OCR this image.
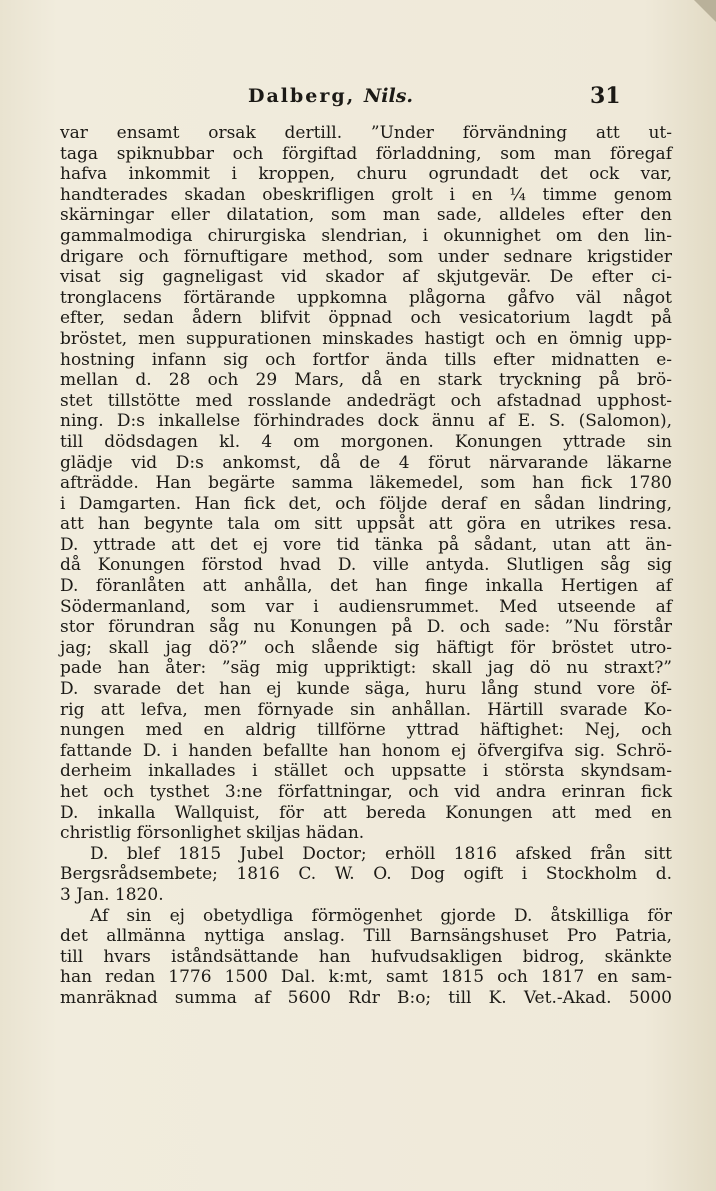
Dalberg, Nils.	31
var ensamt orsak dertill. ”Under förvändning att ut-
taga spiknubbar och förgiftad förladdning, som man föregaf
hafva inkommit i kroppen, churu ogrundadt det ock var,
handterades skadan obeskrifligen grolt i en ¼ timme genom
skärningar eller dilatation, som man sade, alldeles efter den
gammalmodiga chirurgiska slendrian, i okunnighet om den lin-
drigare och förnuftigare method, som under sednare krigstider
visat sig gagneligast vid skador af skjutgevär. De efter ci-
tronglacens förtärande uppkomna plågorna gåfvo väl något
efter, sedan ådern blifvit öppnad och vesicatorium lagdt på
bröstet, men suppurationen minskades hastigt och en ömnig upp-
hostning infann sig och fortfor ända tills efter midnatten e-
mellan d. 28 och 29 Mars, då en stark tryckning på brö-
stet tillstötte med rosslande andedrägt och afstadnad upphost-
ning. D:s inkallelse förhindrades dock ännu af E. S. (Salomon),
till dödsdagen kl. 4 om morgonen. Konungen yttrade sin
glädje vid D:s ankomst, då de 4 förut närvarande läkarne
afträdde. Han begärte samma läkemedel, som han fick 1780
i Damgarten. Han fick det, och följde deraf en sådan lindring,
att han begynte tala om sitt uppsåt att göra en utrikes resa.
D. yttrade att det ej vore tid tänka på sådant, utan att än-
då Konungen förstod hvad D. ville antyda. Slutligen såg sig
D. föranlåten att anhålla, det han finge inkalla Hertigen af
Södermanland, som var i audiensrummet. Med utseende af
stor förundran såg nu Konungen på D. och sade: ”Nu förstår
jag; skall jag dö?” och slående sig häftigt för bröstet utro-
pade han åter: ”säg mig uppriktigt: skall jag dö nu straxt?”
D. svarade det han ej kunde säga, huru lång stund vore öf-
rig att lefva, men förnyade sin anhållan. Härtill svarade Ko-
nungen med en aldrig tillförne yttrad häftighet: Nej, och
fattande D. i handen befallte han honom ej öfvergifva sig. Schrö-
derheim inkallades i stället och uppsatte i största skyndsam-
het och tysthet 3:ne författningar, och vid andra erinran fick
D. inkalla Wallquist, för att bereda Konungen att med en
christlig försonlighet skiljas hädan.
D. blef 1815 Jubel Doctor; erhöll 1816 afsked från sitt
Bergsrådsembete; 1816 C. W. O. Dog ogift i Stockholm d.
3 Jan. 1820.
Af sin ej obetydliga förmögenhet gjorde D. åtskilliga för
det allmänna nyttiga anslag. Till Barnsängshuset Pro Patria,
till hvars iståndsättande han hufvudsakligen bidrog, skänkte
han redan 1776 1500 Dal. k:mt, samt 1815 och 1817 en sam-
manräknad summa af 5600 Rdr B:o; till K. Vet.-Akad. 5000
